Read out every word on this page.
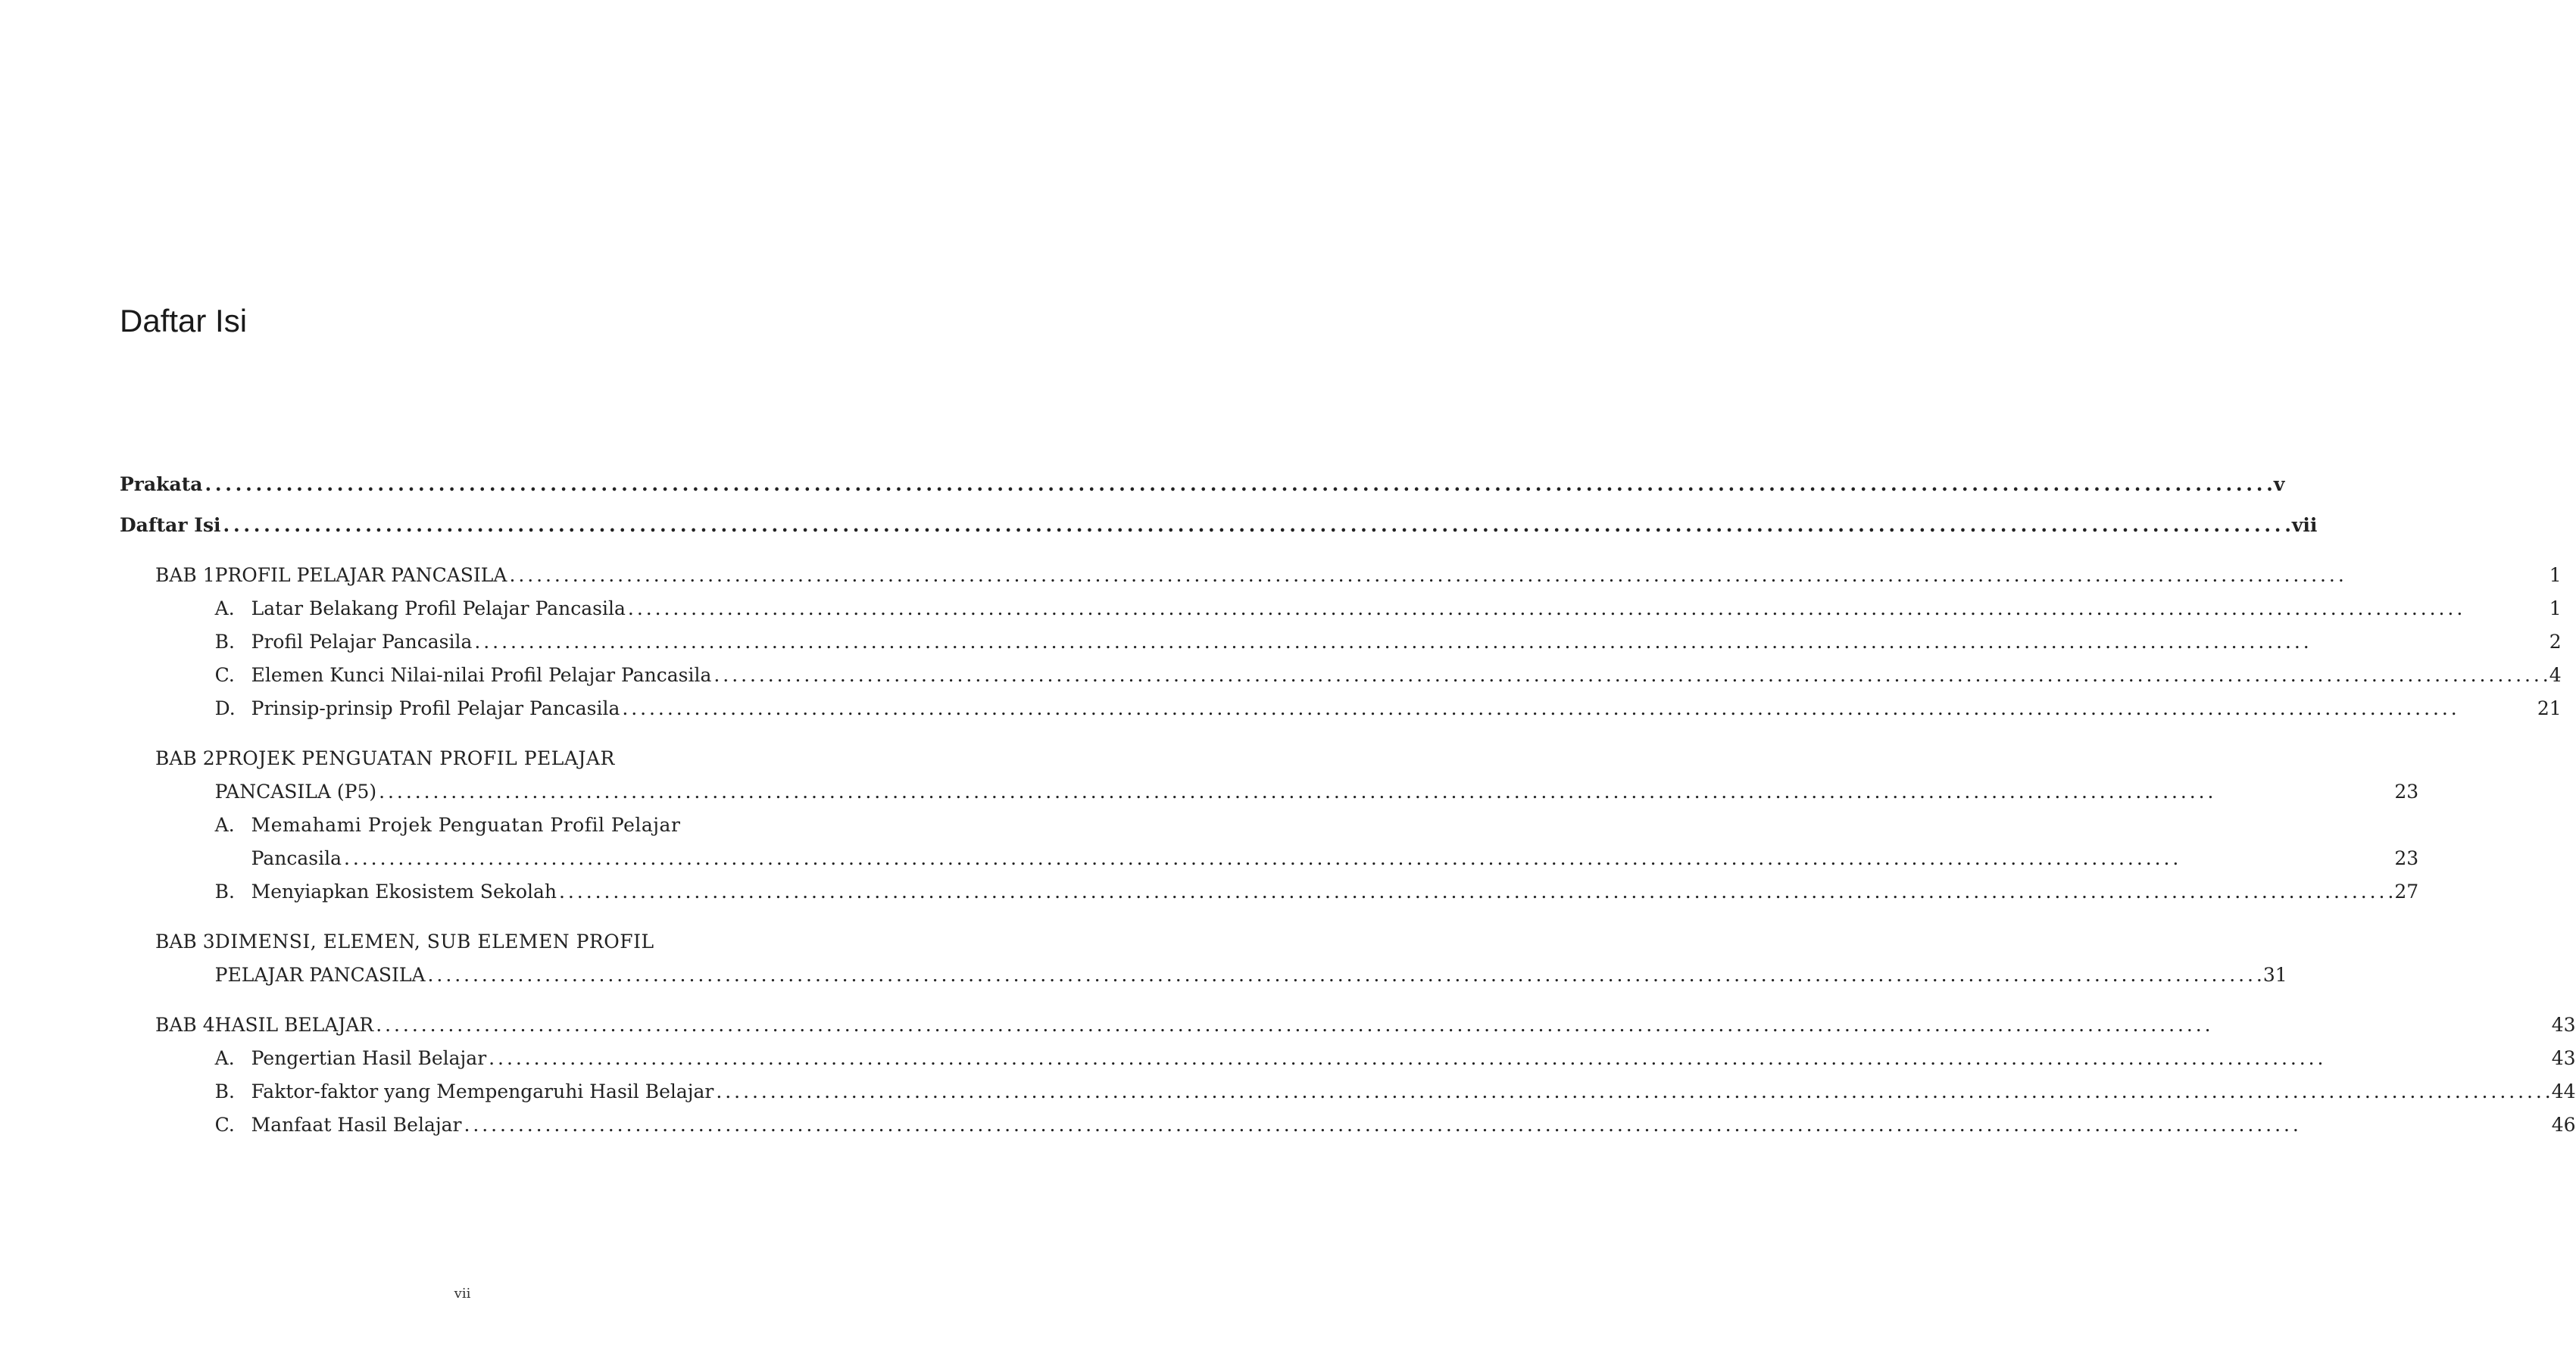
Daftar Isi
Prakata . . .	v
Daftar Isi . . .	vii
BAB 1 PROFIL PELAJAR PANCASILA . . .	1
A. Latar Belakang Profil Pelajar Pancasila . . .	1
B. Profil Pelajar Pancasila . . .	2
C. Elemen Kunci Nilai-nilai Profil Pelajar Pancasila . . .	4
D. Prinsip-prinsip Profil Pelajar Pancasila . . .	21
BAB 2 PROJEK PENGUATAN PROFIL PELAJAR
PANCASILA (P5) . . .	23
A. Memahami Projek Penguatan Profil Pelajar
Pancasila . . .	23
B. Menyiapkan Ekosistem Sekolah . . .	27
BAB 3 DIMENSI, ELEMEN, SUB ELEMEN PROFIL
PELAJAR PANCASILA . . .	31
BAB 4 HASIL BELAJAR . . .	43
A. Pengertian Hasil Belajar . . .	43
B. Faktor-faktor yang Mempengaruhi Hasil Belajar . . .	44
C. Manfaat Hasil Belajar . . .	46
vii
